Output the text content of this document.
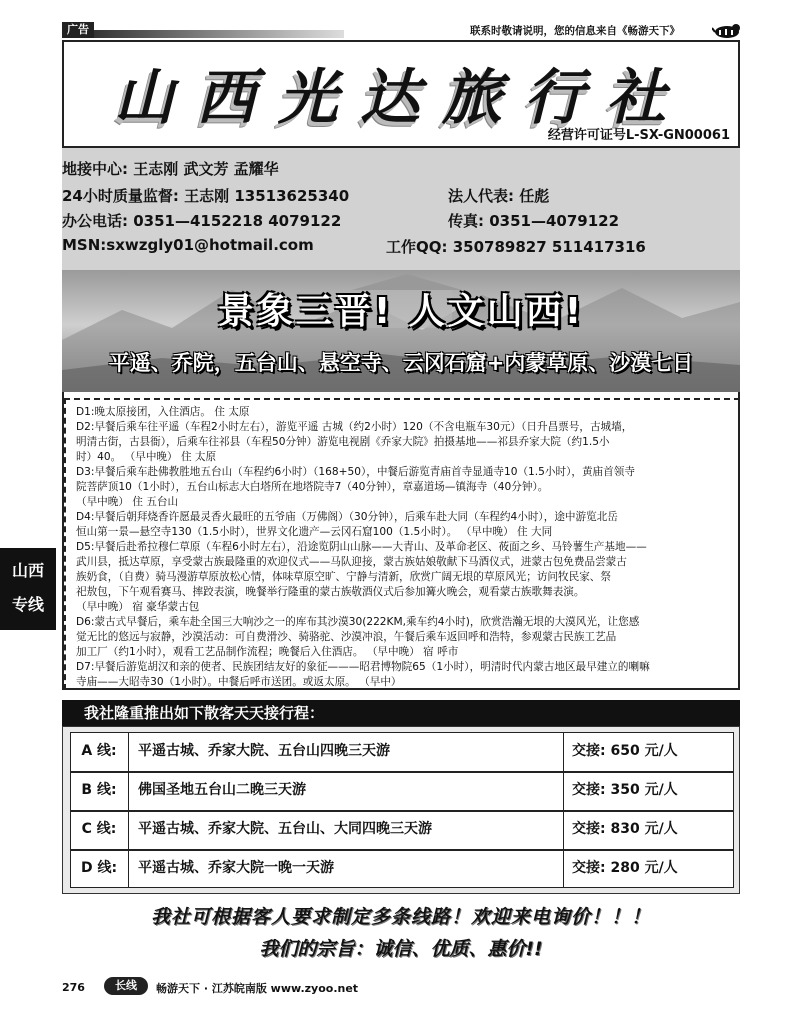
广告	联系时敬请说明，您的信息来自《畅游天下》
山西光达旅行社
经营许可证号L-SX-GN00061
地接中心: 王志刚 武文芳 孟耀华
24小时质量监督: 王志刚 13513625340	法人代表: 任彪
办公电话: 0351—4152218 4079122	传真: 0351—4079122
MSN:sxwzgly01@hotmail.com	工作QQ: 350789827 511417316
景象三晋! 人文山西!
平遥、乔院，五台山、悬空寺、云冈石窟+内蒙草原、沙漠七日
D1:晚太原接团，入住酒店。 住 太原
D2:早餐后乘车往平遥（车程2小时左右），游览平遥 古城（约2小时）120（不含电瓶车30元）（日升昌票号，古城墙，
明清古街，古县衙），后乘车往祁县（车程50分钟）游览电视剧《乔家大院》拍摄基地——祁县乔家大院（约1.5小
时）40。 （早中晚） 住 太原
D3:早餐后乘车赴佛教胜地五台山（车程约6小时）（168+50），中餐后游览青庙首寺显通寺10（1.5小时），黄庙首领寺
院菩萨顶10（1小时），五台山标志大白塔所在地塔院寺7（40分钟），章嘉道场—镇海寺（40分钟）。
（早中晚） 住 五台山
D4:早餐后朝拜烧香许愿最灵香火最旺的五爷庙（万佛阁）（30分钟），后乘车赴大同（车程约4小时），途中游览北岳
恒山第一景—悬空寺130（1.5小时），世界文化遗产—云冈石窟100（1.5小时）。 （早中晚） 住 大同
D5:早餐后赴希拉穆仁草原（车程6小时左右），沿途览阴山山脉——大青山、及革命老区、莜面之乡、马铃薯生产基地——
武川县，抵达草原，享受蒙古族最隆重的欢迎仪式——马队迎接，蒙古族姑娘敬献下马酒仪式，进蒙古包免费品尝蒙古
族奶食，（自费）骑马漫游草原放松心情，体味草原空旷、宁静与清新，欣赏广阔无垠的草原风光；访问牧民家、祭
祀敖包，下午观看赛马、摔跤表演，晚餐举行隆重的蒙古族敬酒仪式后参加篝火晚会，观看蒙古族歌舞表演。
（早中晚） 宿 豪华蒙古包
D6:蒙古式早餐后，乘车赴全国三大响沙之一的库布其沙漠30(222KM,乘车约4小时)，欣赏浩瀚无垠的大漠风光，让您感
觉无比的悠远与寂静，沙漠活动：可自费滑沙、骑骆驼、沙漠冲浪，午餐后乘车返回呼和浩特，参观蒙古民族工艺品
加工厂（约1小时），观看工艺品制作流程；晚餐后入住酒店。 （早中晚） 宿 呼市
D7:早餐后游览胡汉和亲的使者、民族团结友好的象征———昭君博物院65（1小时），明清时代内蒙古地区最早建立的喇嘛
寺庙——大昭寺30（1小时）。中餐后呼市送团。或返太原。 （早中）
山西
专线
我社隆重推出如下散客天天接行程：
A 线:	平遥古城、乔家大院、五台山四晚三天游	交接: 650 元/人
B 线:	佛国圣地五台山二晚三天游	交接: 350 元/人
C 线:	平遥古城、乔家大院、五台山、大同四晚三天游	交接: 830 元/人
D 线:	平遥古城、乔家大院一晚一天游	交接: 280 元/人
我社可根据客人要求制定多条线路！欢迎来电询价！！！
我们的宗旨：诚信、优质、惠价!!
276	长线	畅游天下 · 江苏皖南版 www.zyoo.net
